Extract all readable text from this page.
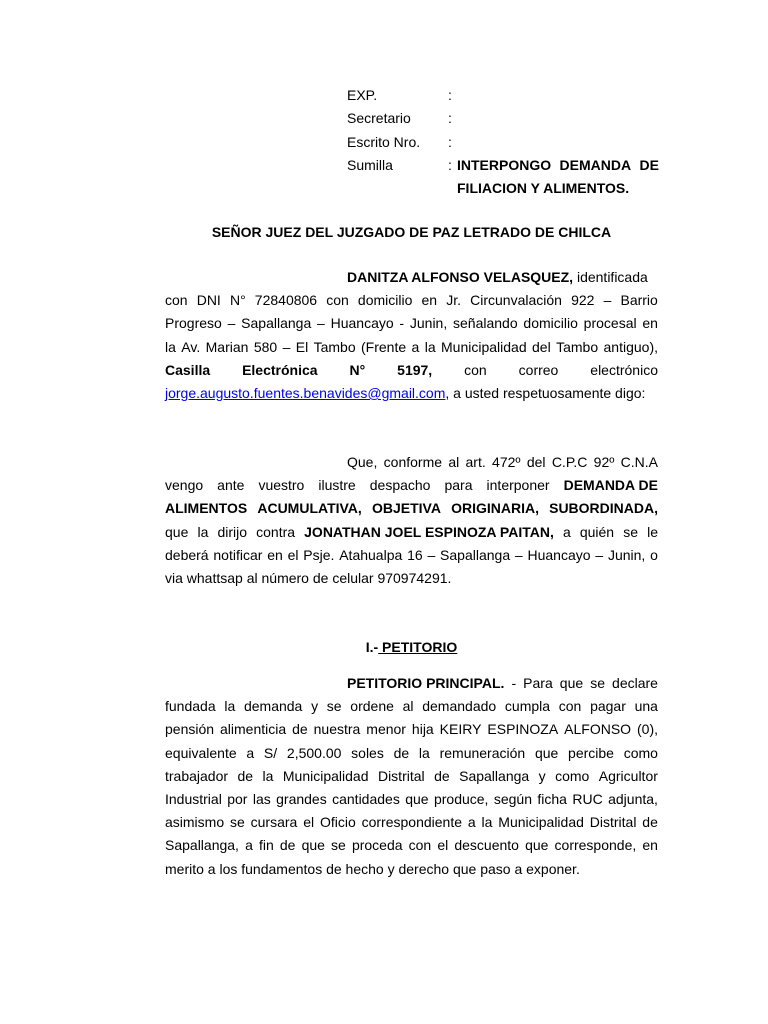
EXP.	:
Secretario	:
Escrito Nro.	:
Sumilla	: INTERPONGO DEMANDA DE
FILIACION Y ALIMENTOS.
SEÑOR JUEZ DEL JUZGADO DE PAZ LETRADO DE CHILCA
DANITZA ALFONSO VELASQUEZ, identificada
con DNI N° 72840806 con domicilio en Jr. Circunvalación 922 – Barrio
Progreso – Sapallanga – Huancayo - Junin, señalando domicilio procesal en
la Av. Marian 580 – El Tambo (Frente a la Municipalidad del Tambo antiguo),
Casilla Electrónica N° 5197, con correo electrónico
jorge.augusto.fuentes.benavides@gmail.com , a usted respetuosamente digo:
Que, conforme al art. 472º del C.P.C 92º C.N.A
vengo ante vuestro ilustre despacho para interponer DEMANDA DE
ALIMENTOS ACUMULATIVA, OBJETIVA ORIGINARIA, SUBORDINADA,
que la dirijo contra JONATHAN JOEL ESPINOZA PAITAN, a quién se le
deberá notificar en el Psje. Atahualpa 16 – Sapallanga – Huancayo – Junin, o
via whattsap al número de celular 970974291.
I.- PETITORIO
PETITORIO PRINCIPAL. - Para que se declare
fundada la demanda y se ordene al demandado cumpla con pagar una
pensión alimenticia de nuestra menor hija KEIRY ESPINOZA ALFONSO (0),
equivalente a S/ 2,500.00 soles de la remuneración que percibe como
trabajador de la Municipalidad Distrital de Sapallanga y como Agricultor
Industrial por las grandes cantidades que produce, según ficha RUC adjunta,
asimismo se cursara el Oficio correspondiente a la Municipalidad Distrital de
Sapallanga, a fin de que se proceda con el descuento que corresponde, en
merito a los fundamentos de hecho y derecho que paso a exponer.
